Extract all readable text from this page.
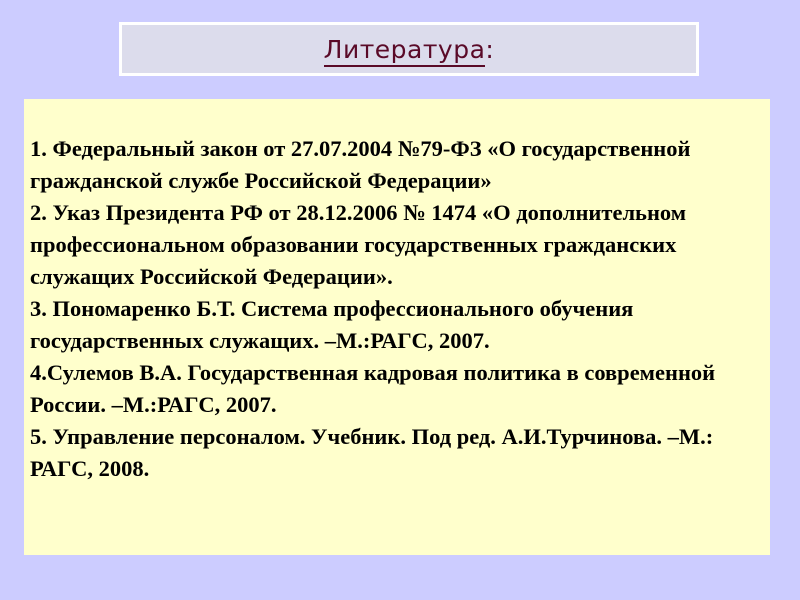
Литература:
1. Федеральный закон от 27.07.2004 №79-ФЗ «О государственной гражданской службе Российской Федерации»
2. Указ Президента РФ от 28.12.2006 № 1474 «О дополнительном профессиональном образовании государственных гражданских служащих Российской Федерации».
3. Пономаренко Б.Т. Система профессионального обучения государственных служащих. –М.:РАГС, 2007.
4.Сулемов В.А. Государственная кадровая политика в современной России. –М.:РАГС, 2007.
5. Управление персоналом. Учебник. Под ред. А.И.Турчинова. –М.: РАГС, 2008.
